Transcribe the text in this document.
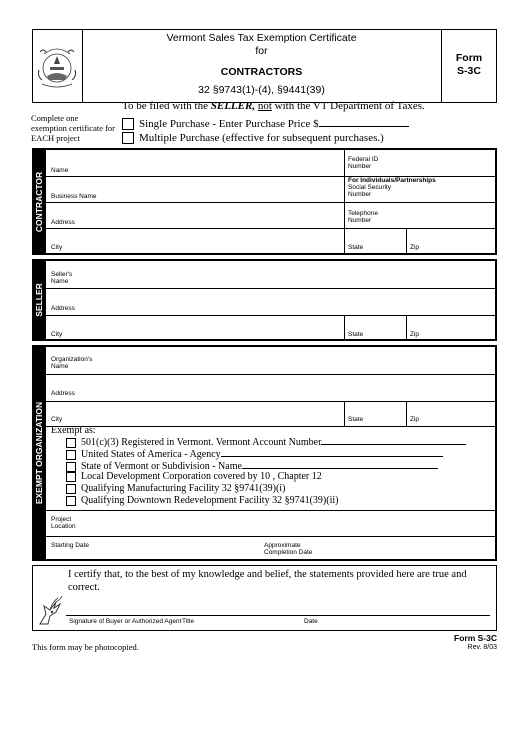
Vermont Sales Tax Exemption Certificate
for
CONTRACTORS
32 §9743(1)-(4), §9441(39)
Form
S-3C
To be filed with the SELLER, not with the VT Department of Taxes.
Complete one exemption certificate for EACH project
Single Purchase - Enter Purchase Price $
Multiple Purchase (effective for subsequent purchases.)
CONTRACTOR
Name
Federal ID Number
Business Name
For Individuals/Partnerships
Social Security Number
Address
Telephone Number
City	State	Zip
SELLER
Seller's Name
Address
City	State	Zip
EXEMPT ORGANIZATION
Organization's Name
Address
City	State	Zip
Exempt as:
501(c)(3) Registered in Vermont. Vermont Account Number
United States of America - Agency
State of Vermont or Subdivision - Name
Local Development Corporation covered by 10 , Chapter 12
Qualifying Manufacturing Facility 32 §9741(39)(i)
Qualifying Downtown Redevelopment Facility 32 §9741(39)(ii)
Project Location
Starting Date	Approximate Completion Date
I certify that, to the best of my knowledge and belief, the statements provided here are true and correct.
Signature of Buyer or Authorized Agent Title	Date
This form may be photocopied.
Form S-3C
Rev. 8/03
